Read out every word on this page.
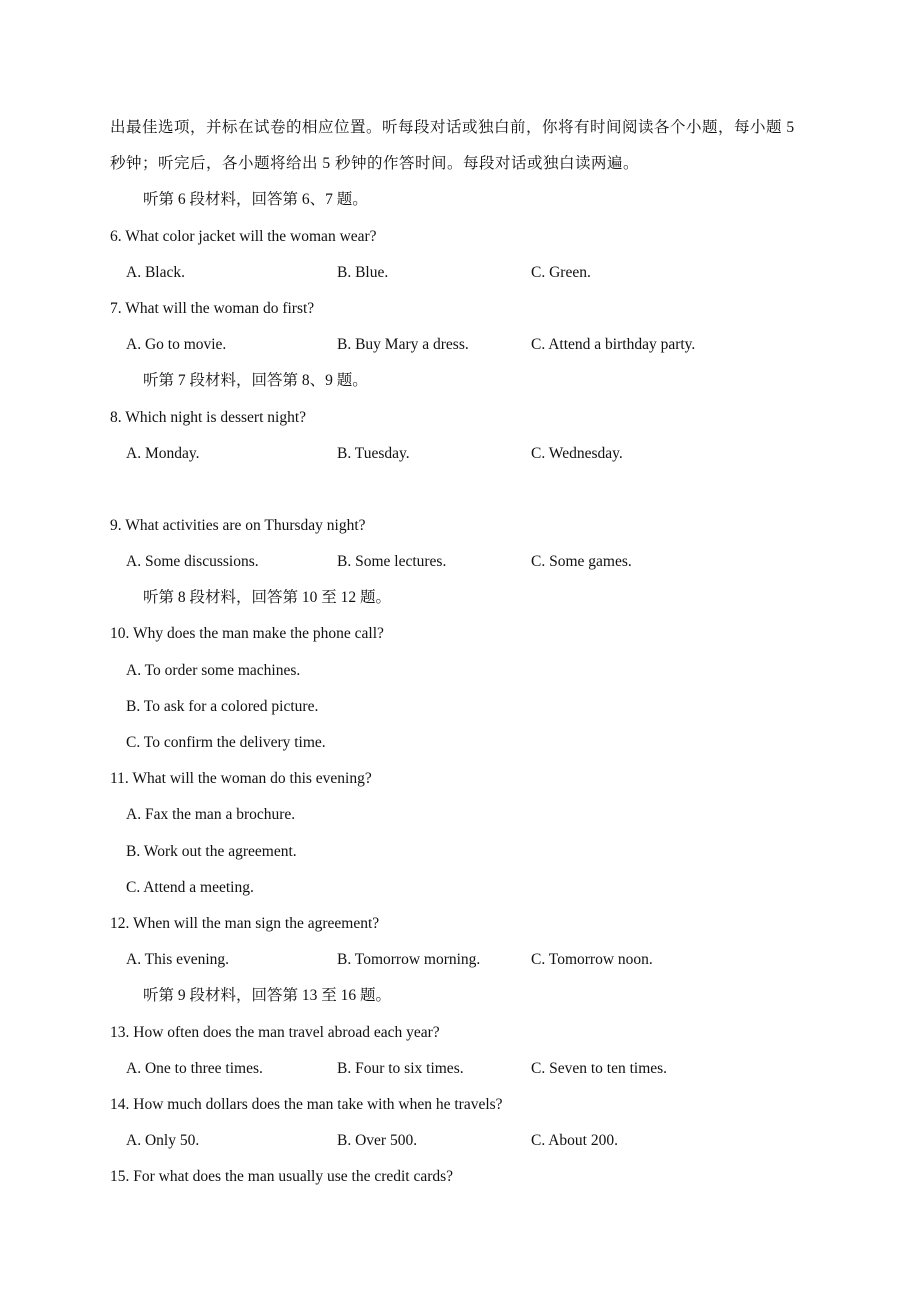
出最佳选项，并标在试卷的相应位置。听每段对话或独白前，你将有时间阅读各个小题，每小题 5
秒钟；听完后，各小题将给出 5 秒钟的作答时间。每段对话或独白读两遍。
听第 6 段材料，回答第 6、7 题。
6. What color jacket will the woman wear?
A. Black.	B. Blue.	C. Green.
7. What will the woman do first?
A. Go to movie.	B. Buy Mary a dress.	C. Attend a birthday party.
听第 7 段材料，回答第 8、9 题。
8. Which night is dessert night?
A. Monday.	B. Tuesday.	C. Wednesday.
9. What activities are on Thursday night?
A. Some discussions.	B. Some lectures.	C. Some games.
听第 8 段材料，回答第 10 至 12 题。
10. Why does the man make the phone call?
A. To order some machines.
B. To ask for a colored picture.
C. To confirm the delivery time.
11. What will the woman do this evening?
A. Fax the man a brochure.
B. Work out the agreement.
C. Attend a meeting.
12. When will the man sign the agreement?
A. This evening.	B. Tomorrow morning.	C. Tomorrow noon.
听第 9 段材料，回答第 13 至 16 题。
13. How often does the man travel abroad each year?
A. One to three times.	B. Four to six times.	C. Seven to ten times.
14. How much dollars does the man take with when he travels?
A. Only 50.	B. Over 500.	C. About 200.
15. For what does the man usually use the credit cards?
